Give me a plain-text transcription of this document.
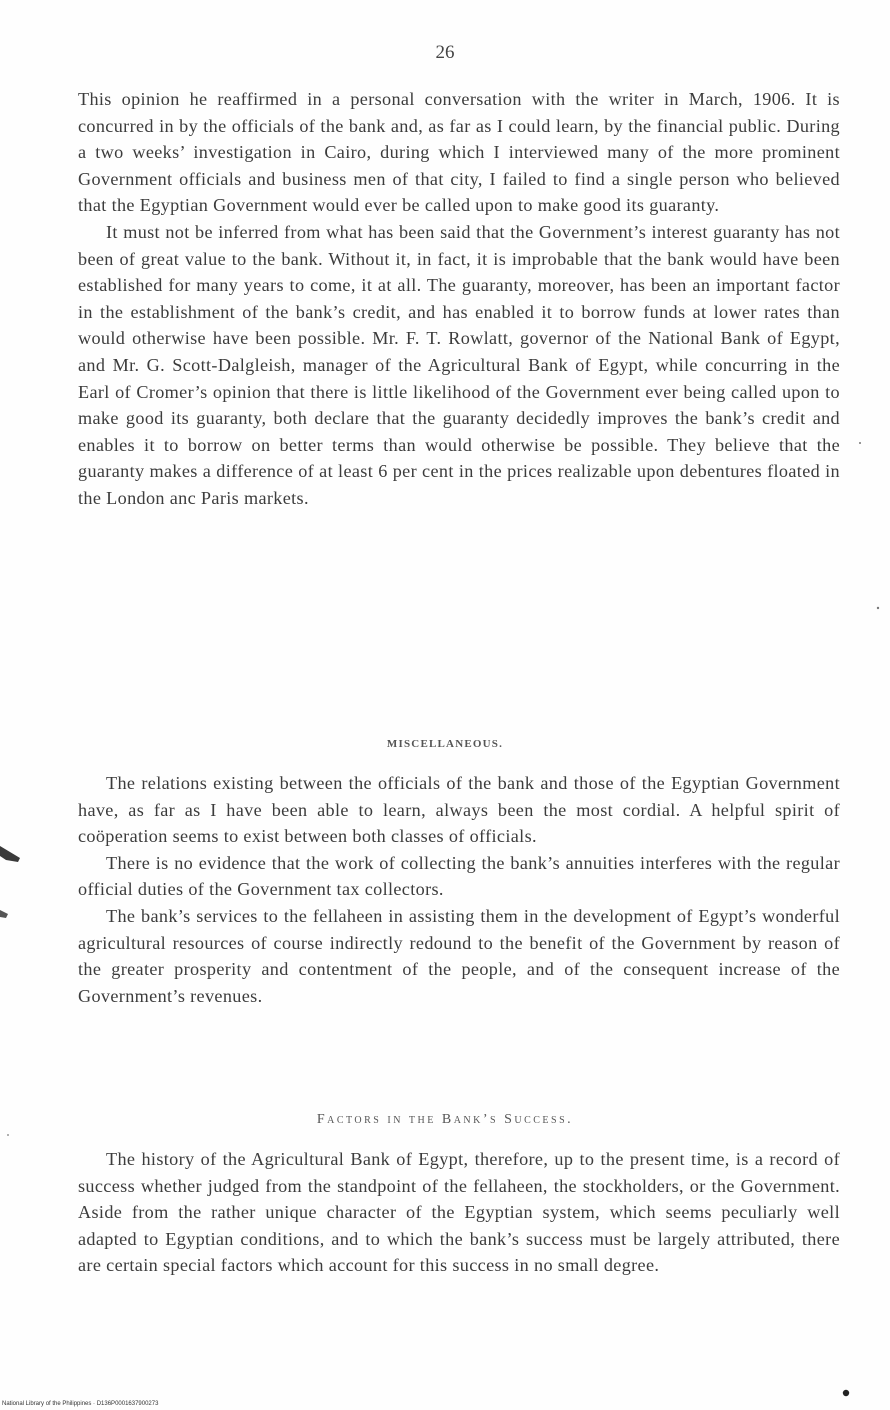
26

This opinion he reaffirmed in a personal conversation with the writer in March, 1906. It is concurred in by the officials of the bank and, as far as I could learn, by the financial public. During a two weeks’ investigation in Cairo, during which I interviewed many of the more prominent Government officials and business men of that city, I failed to find a single person who believed that the Egyptian Government would ever be called upon to make good its guaranty.

It must not be inferred from what has been said that the Government’s interest guaranty has not been of great value to the bank. Without it, in fact, it is improbable that the bank would have been established for many years to come, it at all. The guaranty, moreover, has been an important factor in the establishment of the bank’s credit, and has enabled it to borrow funds at lower rates than would otherwise have been possible. Mr. F. T. Rowlatt, governor of the National Bank of Egypt, and Mr. G. Scott-Dalgleish, manager of the Agricultural Bank of Egypt, while concurring in the Earl of Cromer’s opinion that there is little likelihood of the Government ever being called upon to make good its guaranty, both declare that the guaranty decidedly improves the bank’s credit and enables it to borrow on better terms than would otherwise be possible. They believe that the guaranty makes a difference of at least 6 per cent in the prices realizable upon debentures floated in the London anc Paris markets.

MISCELLANEOUS.

The relations existing between the officials of the bank and those of the Egyptian Government have, as far as I have been able to learn, always been the most cordial. A helpful spirit of coöperation seems to exist between both classes of officials.

There is no evidence that the work of collecting the bank’s annuities interferes with the regular official duties of the Government tax collectors.

The bank’s services to the fellaheen in assisting them in the development of Egypt’s wonderful agricultural resources of course indirectly redound to the benefit of the Government by reason of the greater prosperity and contentment of the people, and of the consequent increase of the Government’s revenues.

Factors in the Bank’s Success.

The history of the Agricultural Bank of Egypt, therefore, up to the present time, is a record of success whether judged from the standpoint of the fellaheen, the stockholders, or the Government. Aside from the rather unique character of the Egyptian system, which seems peculiarly well adapted to Egyptian conditions, and to which the bank’s success must be largely attributed, there are certain special factors which account for this success in no small degree.

National Library of the Philippines · D136P0001637900273
